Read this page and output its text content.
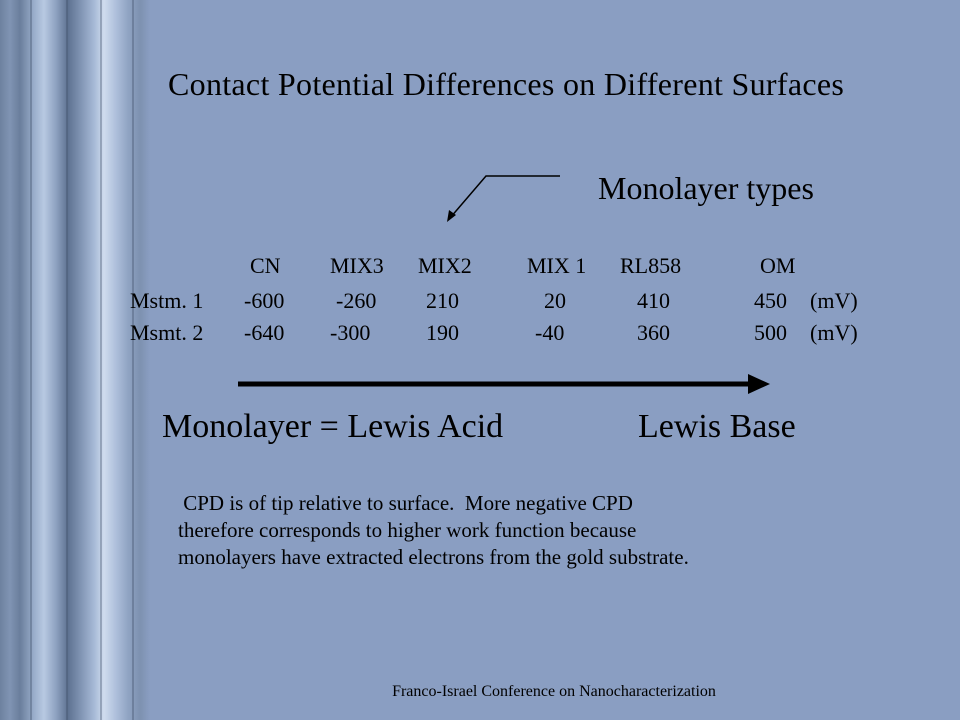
Contact Potential Differences on Different Surfaces
Monolayer types
CN MIX3 MIX2	MIX 1 RL858	OM
Mstm. 1 -600 -260 210	20	410	450 (mV)
Msmt. 2 -640 -300	190	-40	360	500 (mV)
Monolayer = Lewis Acid	Lewis Base
CPD is of tip relative to surface.  More negative CPD
therefore corresponds to higher work function because
monolayers have extracted electrons from the gold substrate.
Franco-Israel Conference on Nanocharacterization
